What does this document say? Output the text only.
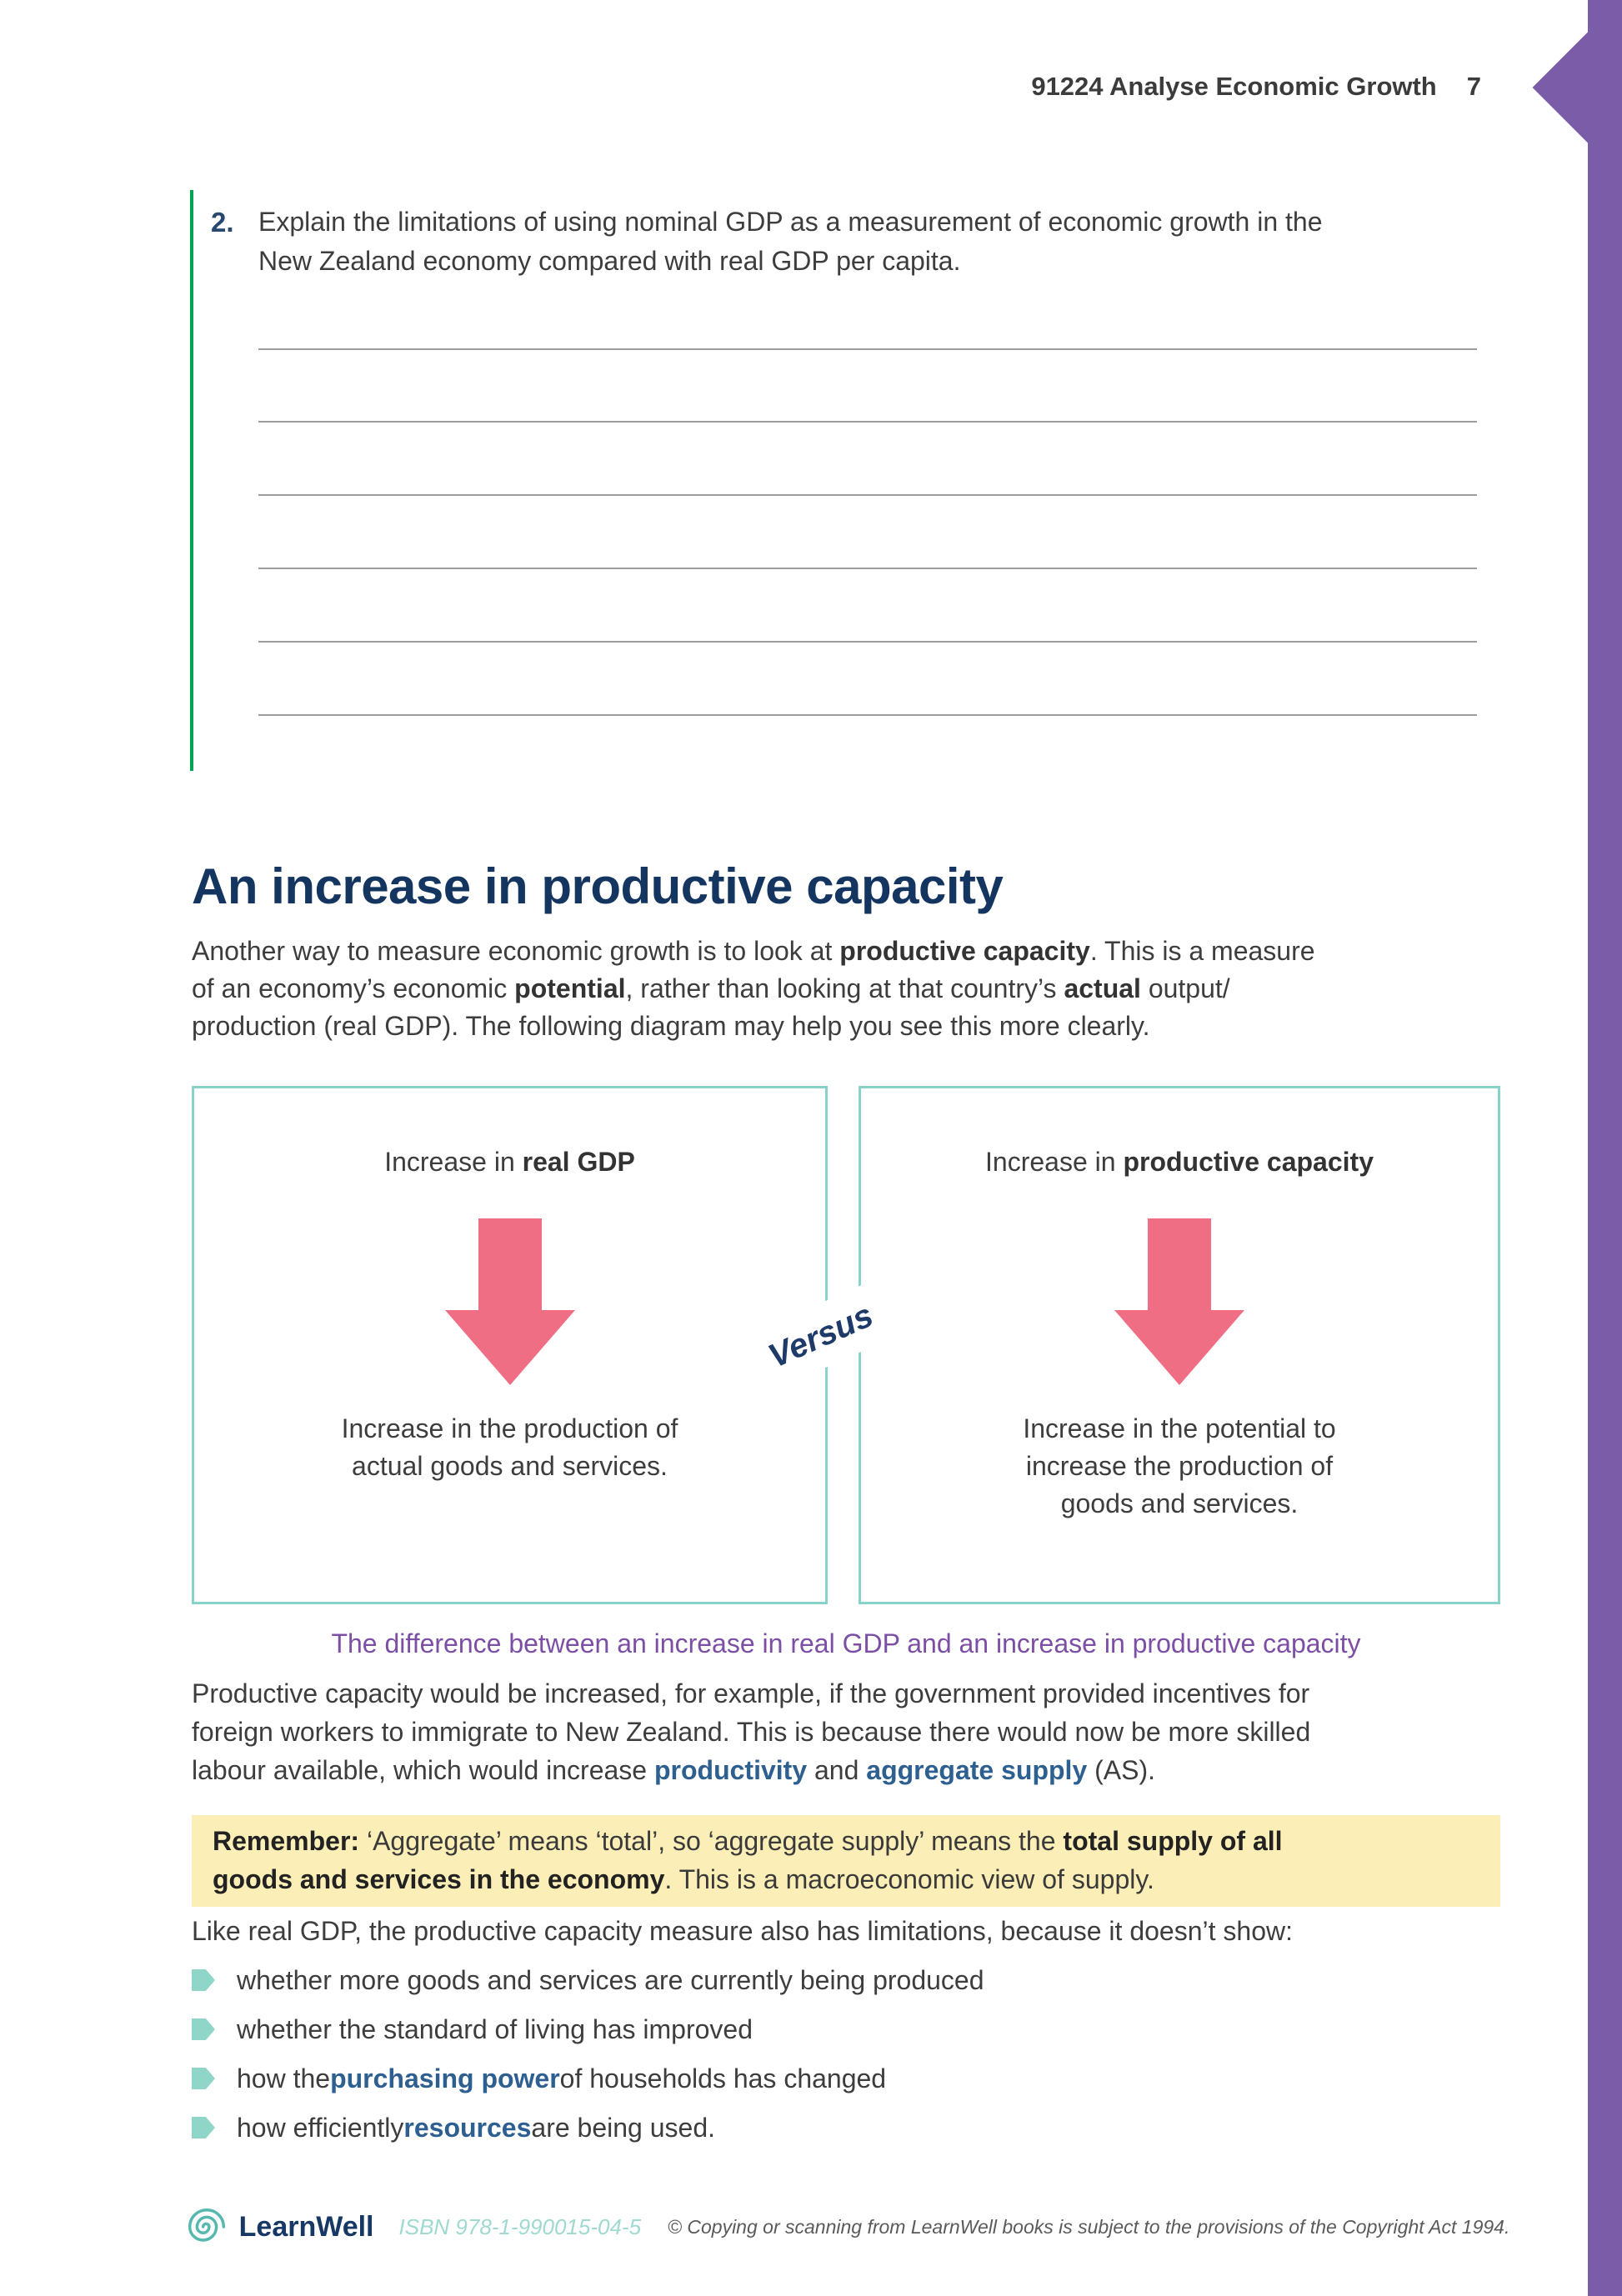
91224 Analyse Economic Growth 7
2. Explain the limitations of using nominal GDP as a measurement of economic growth in the
New Zealand economy compared with real GDP per capita.
An increase in productive capacity

Another way to measure economic growth is to look at productive capacity. This is a measure
of an economy’s economic potential, rather than looking at that country’s actual output/
production (real GDP). The following diagram may help you see this more clearly.

Increase in real GDP
Increase in the production of
actual goods and services.
Increase in productive capacity
Increase in the potential to
increase the production of
goods and services.
Versus
The difference between an increase in real GDP and an increase in productive capacity

Productive capacity would be increased, for example, if the government provided incentives for
foreign workers to immigrate to New Zealand. This is because there would now be more skilled
labour available, which would increase productivity and aggregate supply (AS).

Remember: ‘Aggregate’ means ‘total’, so ‘aggregate supply’ means the total supply of all
goods and services in the economy. This is a macroeconomic view of supply.
Like real GDP, the productive capacity measure also has limitations, because it doesn’t show:
whether more goods and services are currently being produced
whether the standard of living has improved
how the purchasing power of households has changed
how efficiently resources are being used.
LearnWell ISBN 978-1-990015-04-5 © Copying or scanning from LearnWell books is subject to the provisions of the Copyright Act 1994.
